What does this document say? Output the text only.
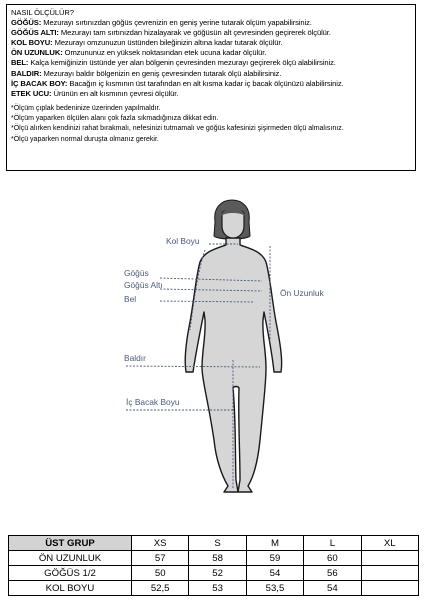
NASIL ÖLÇÜLÜR?
GÖĞÜS: Mezurayı sırtınızdan göğüs çevrenizin en geniş yerine tutarak ölçüm yapabilirsiniz.
GÖĞÜS ALTI: Mezurayı tam sırtınızdan hizalayarak ve göğüsün alt çevresinden geçirerek ölçülür.
KOL BOYU: Mezurayı omzunuzun üstünden bileğinizin altına kadar tutarak ölçülür.
ÖN UZUNLUK: Omzununuz en yüksek noktasından etek ucuna kadar ölçülür.
BEL: Kalça kemiğinizin üstünde yer alan bölgenin çevresinden mezurayı geçirerek ölçü alabilirsiniz.
BALDIR: Mezurayı baldır bölgenizin en geniş çevresinden tutarak ölçü alabilirsiniz.
İÇ BACAK BOY: Bacağın iç kısmının üst tarafından en alt kısma kadar iç bacak ölçünüzü alabilirsiniz.
ETEK UCU: Ürünün en alt kısmının çevresi ölçülür.
*Ölçüm çıplak bedeninize üzerinden yapılmaldır.
*Ölçüm yaparken ölçülen alanı çok fazla sıkmadığınıza dikkat edin.
*Ölçü alırken kendinizi rahat bırakmalı, nefesinizi tutmamalı ve göğüs kafesinizi şişirmeden ölçü almalısınız.
*Ölçü yaparken normal duruşta olmanız gerekir.
Kol Boyu
Göğüs
Göğüs Altı
Bel
Ön Uzunluk
Baldır
İç Bacak Boyu
ÜST GRUP	XS	S	M	L	XL
ÖN UZUNLUK	57	58	59	60	
GÖĞÜS 1/2	50	52	54	56	
KOL BOYU	52,5	53	53,5	54	
